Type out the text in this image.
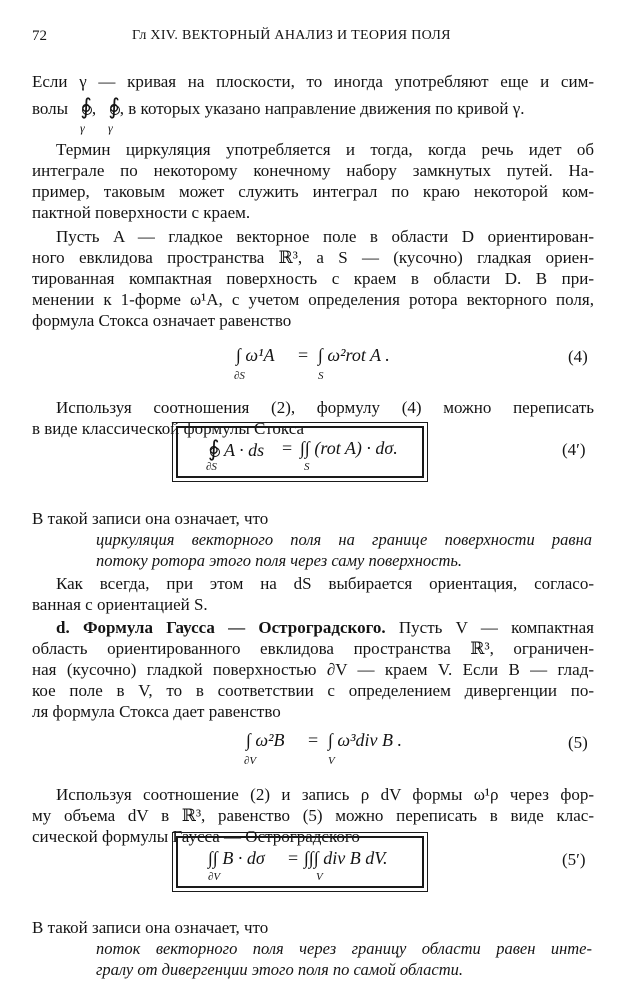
72	Гл XIV. ВЕКТОРНЫЙ АНАЛИЗ И ТЕОРИЯ ПОЛЯ
Если γ — кривая на плоскости, то иногда употребляют еще и сим-
волы ∮, ∮, в которых указано направление движения по кривой γ.
γ γ
Термин циркуляция употребляется и тогда, когда речь идет об
интеграле по некоторому конечному набору замкнутых путей. На-
пример, таковым может служить интеграл по краю некоторой ком-
пактной поверхности с краем.
Пусть A — гладкое векторное поле в области D ориентирован-
ного евклидова пространства ℝ³, а S — (кусочно) гладкая ориен-
тированная компактная поверхность с краем в области D. В при-
менении к 1-форме ω¹A, с учетом определения ротора векторного поля,
формула Стокса означает равенство
∫ ω¹A
∂S
= ∫ ω²rot A .
S
(4)
Используя соотношения (2), формулу (4) можно переписать
в виде классической формулы Стокса
∮ A · ds
∂S
= ∫∫ (rot A) · dσ.
S
(4′)
В такой записи она означает, что
циркуляция векторного поля на границе поверхности равна
потоку ротора этого поля через саму поверхность.
Как всегда, при этом на dS выбирается ориентация, согласо-
ванная с ориентацией S.
d. Формула Гаусса — Остроградского. Пусть V — компактная
область ориентированного евклидова пространства ℝ³, ограничен-
ная (кусочно) гладкой поверхностью ∂V — краем V. Если B — глад-
кое поле в V, то в соответствии с определением дивергенции по-
ля формула Стокса дает равенство
∫ ω²B
∂V
= ∫ ω³div B .
V
(5)
Используя соотношение (2) и запись ρ dV формы ω¹ρ через фор-
му объема dV в ℝ³, равенство (5) можно переписать в виде клас-
сической формулы Гаусса — Остроградского
∫∫ B · dσ
∂V
= ∫∫∫ div B dV.
V
(5′)
В такой записи она означает, что
поток векторного поля через границу области равен инте-
гралу от дивергенции этого поля по самой области.
